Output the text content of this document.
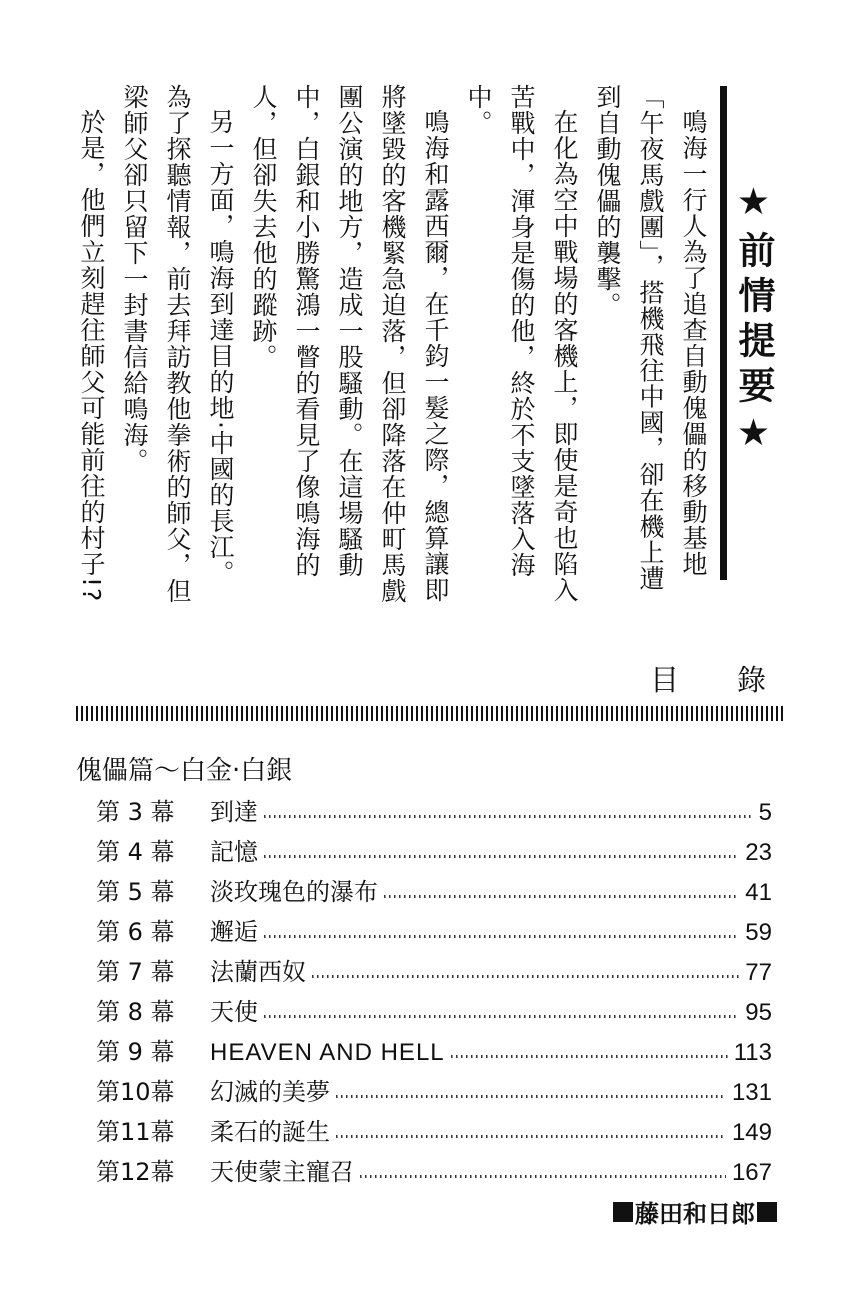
★前情提要★

鳴海一行人為了追查自動傀儡的移動基地「午夜馬戲團」，搭機飛往中國，卻在機上遭到自動傀儡的襲擊。

在化為空中戰場的客機上，即使是奇也陷入苦戰中，渾身是傷的他，終於不支墜落入海中。

鳴海和露西爾，在千鈞一髮之際，總算讓即將墜毀的客機緊急迫落，但卻降落在仲町馬戲團公演的地方，造成一股騷動。在這場騷動中，白銀和小勝驚鴻一瞥的看見了像鳴海的人，但卻失去他的蹤跡。

另一方面，鳴海到達目的地‧中國的長江。為了探聽情報，前去拜訪教他拳術的師父，但梁師父卻只留下一封書信給鳴海。

於是，他們立刻趕往師父可能前往的村子!?

目錄
傀儡篇〜白金‧白銀
第 3 幕	到達	5
第 4 幕	記憶	23
第 5 幕	淡玫瑰色的瀑布	41
第 6 幕	邂逅	59
第 7 幕	法蘭西奴	77
第 8 幕	天使	95
第 9 幕	HEAVEN AND HELL	113
第10幕	幻滅的美夢	131
第11幕	柔石的誕生	149
第12幕	天使蒙主寵召	167
藤田和日郎
